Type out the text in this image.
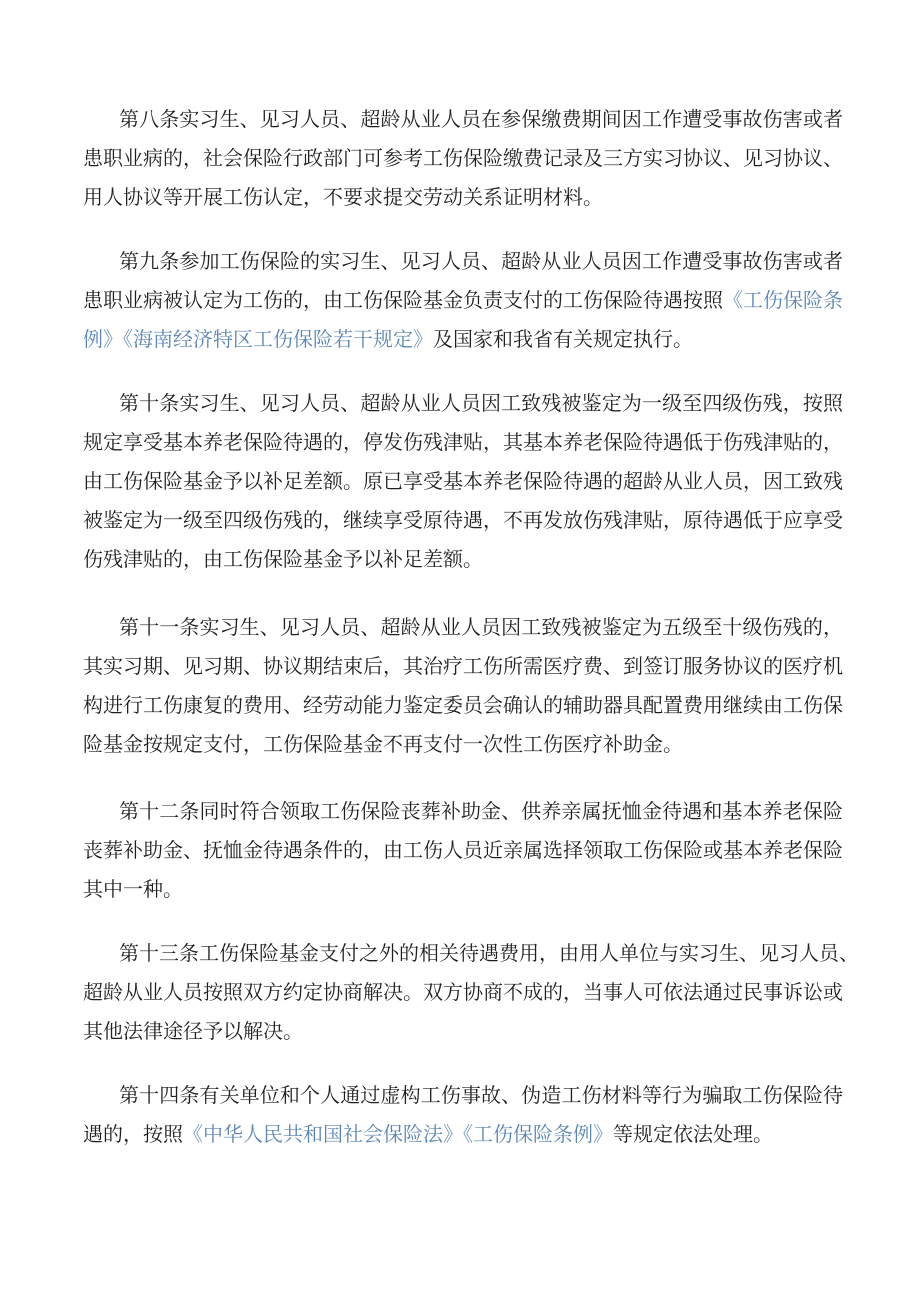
第八条实习生、见习人员、超龄从业人员在参保缴费期间因工作遭受事故伤害或者
患职业病的，社会保险行政部门可参考工伤保险缴费记录及三方实习协议、见习协议、
用人协议等开展工伤认定，不要求提交劳动关系证明材料。

第九条参加工伤保险的实习生、见习人员、超龄从业人员因工作遭受事故伤害或者
患职业病被认定为工伤的，由工伤保险基金负责支付的工伤保险待遇按照《工伤保险条
例》《海南经济特区工伤保险若干规定》及国家和我省有关规定执行。

第十条实习生、见习人员、超龄从业人员因工致残被鉴定为一级至四级伤残，按照
规定享受基本养老保险待遇的，停发伤残津贴，其基本养老保险待遇低于伤残津贴的，
由工伤保险基金予以补足差额。原已享受基本养老保险待遇的超龄从业人员，因工致残
被鉴定为一级至四级伤残的，继续享受原待遇，不再发放伤残津贴，原待遇低于应享受
伤残津贴的，由工伤保险基金予以补足差额。

第十一条实习生、见习人员、超龄从业人员因工致残被鉴定为五级至十级伤残的，
其实习期、见习期、协议期结束后，其治疗工伤所需医疗费、到签订服务协议的医疗机
构进行工伤康复的费用、经劳动能力鉴定委员会确认的辅助器具配置费用继续由工伤保
险基金按规定支付，工伤保险基金不再支付一次性工伤医疗补助金。

第十二条同时符合领取工伤保险丧葬补助金、供养亲属抚恤金待遇和基本养老保险
丧葬补助金、抚恤金待遇条件的，由工伤人员近亲属选择领取工伤保险或基本养老保险
其中一种。

第十三条工伤保险基金支付之外的相关待遇费用，由用人单位与实习生、见习人员、
超龄从业人员按照双方约定协商解决。双方协商不成的，当事人可依法通过民事诉讼或
其他法律途径予以解决。

第十四条有关单位和个人通过虚构工伤事故、伪造工伤材料等行为骗取工伤保险待
遇的，按照《中华人民共和国社会保险法》《工伤保险条例》等规定依法处理。
